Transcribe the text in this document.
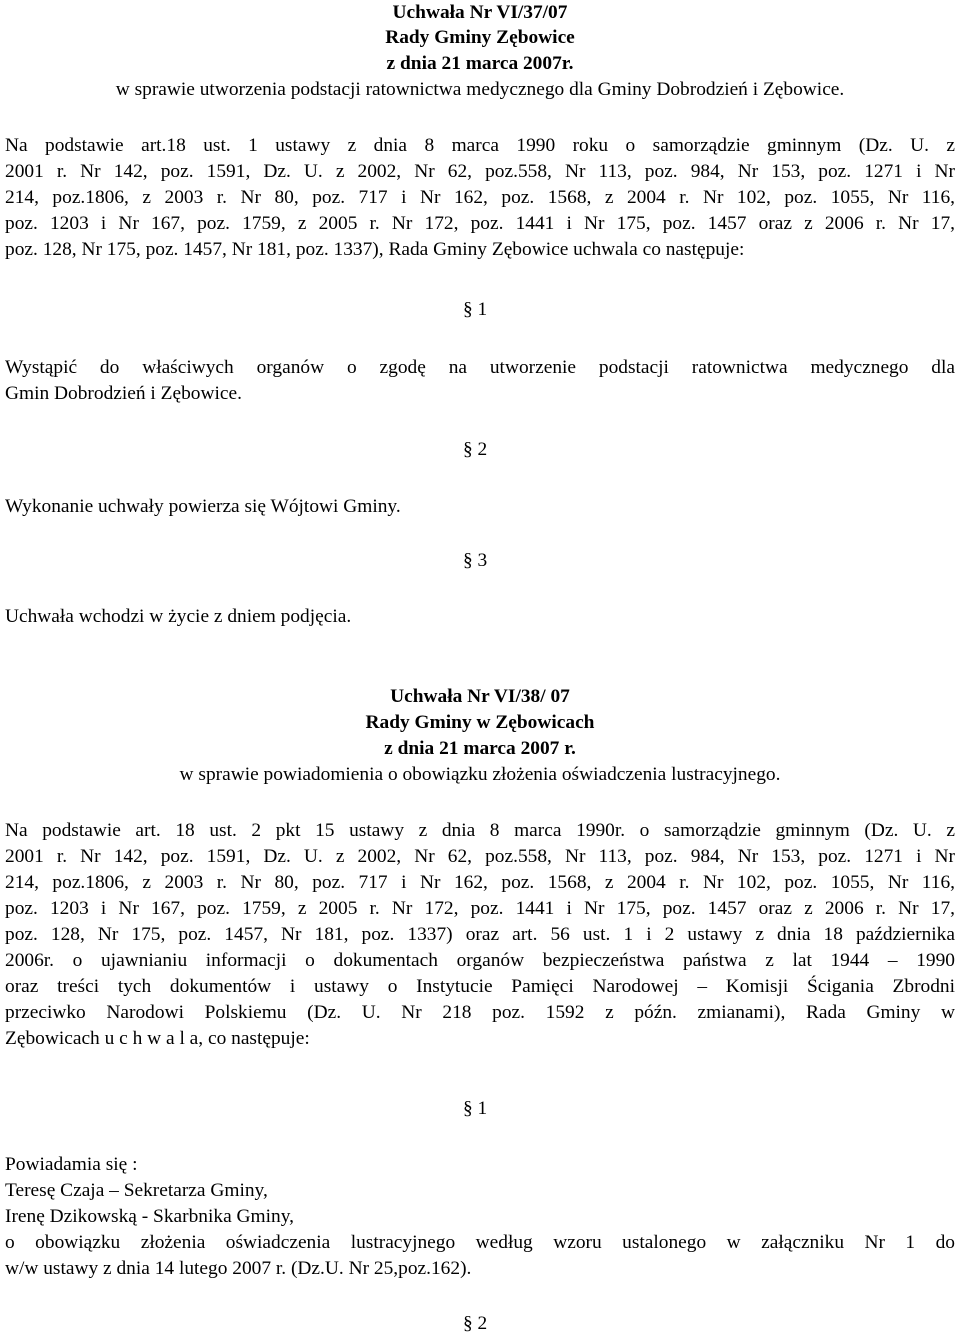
Uchwała Nr VI/37/07

Rady Gminy Zębowice

z dnia 21 marca 2007r.

w sprawie utworzenia podstacji ratownictwa medycznego dla Gminy Dobrodzień i Zębowice.

Na podstawie art.18 ust. 1 ustawy z dnia 8 marca 1990 roku o samorządzie gminnym (Dz. U. z

2001 r. Nr 142, poz. 1591, Dz. U. z 2002, Nr 62, poz.558, Nr 113, poz. 984, Nr 153, poz. 1271 i Nr

214, poz.1806, z 2003 r. Nr 80, poz. 717 i Nr 162, poz. 1568, z 2004 r. Nr 102, poz. 1055, Nr 116,

poz. 1203 i Nr 167, poz. 1759, z 2005 r. Nr 172, poz. 1441 i Nr 175, poz. 1457 oraz z 2006 r. Nr 17,

poz. 128, Nr 175, poz. 1457, Nr 181, poz. 1337), Rada Gminy Zębowice uchwala co następuje:

§ 1

Wystąpić do właściwych organów o zgodę na utworzenie podstacji ratownictwa medycznego dla

Gmin Dobrodzień i Zębowice.

§ 2

Wykonanie uchwały powierza się Wójtowi Gminy.

§ 3

Uchwała wchodzi w życie z dniem podjęcia.

Uchwała Nr VI/38/ 07

Rady Gminy w Zębowicach

z dnia 21 marca 2007 r.

w sprawie powiadomienia o obowiązku złożenia oświadczenia lustracyjnego.

Na podstawie art. 18 ust. 2 pkt 15 ustawy z dnia 8 marca 1990r. o samorządzie gminnym (Dz. U. z

2001 r. Nr 142, poz. 1591, Dz. U. z 2002, Nr 62, poz.558, Nr 113, poz. 984, Nr 153, poz. 1271 i Nr

214, poz.1806, z 2003 r. Nr 80, poz. 717 i Nr 162, poz. 1568, z 2004 r. Nr 102, poz. 1055, Nr 116,

poz. 1203 i Nr 167, poz. 1759, z 2005 r. Nr 172, poz. 1441 i Nr 175, poz. 1457 oraz z 2006 r. Nr 17,

poz. 128, Nr 175, poz. 1457, Nr 181, poz. 1337) oraz art. 56 ust. 1 i 2 ustawy z dnia 18 października

2006r. o ujawnianiu informacji o dokumentach organów bezpieczeństwa państwa z lat 1944 – 1990

oraz treści tych dokumentów i ustawy o Instytucie Pamięci Narodowej – Komisji Ścigania Zbrodni

przeciwko Narodowi Polskiemu (Dz. U. Nr 218 poz. 1592 z późn. zmianami), Rada Gminy w

Zębowicach u c h w a l a, co następuje:

§ 1

Powiadamia się :

Teresę Czaja – Sekretarza Gminy,

Irenę Dzikowską - Skarbnika Gminy,

o obowiązku złożenia oświadczenia lustracyjnego według wzoru ustalonego w załączniku Nr 1 do

w/w ustawy z dnia 14 lutego 2007 r. (Dz.U. Nr 25,poz.162).

§ 2
